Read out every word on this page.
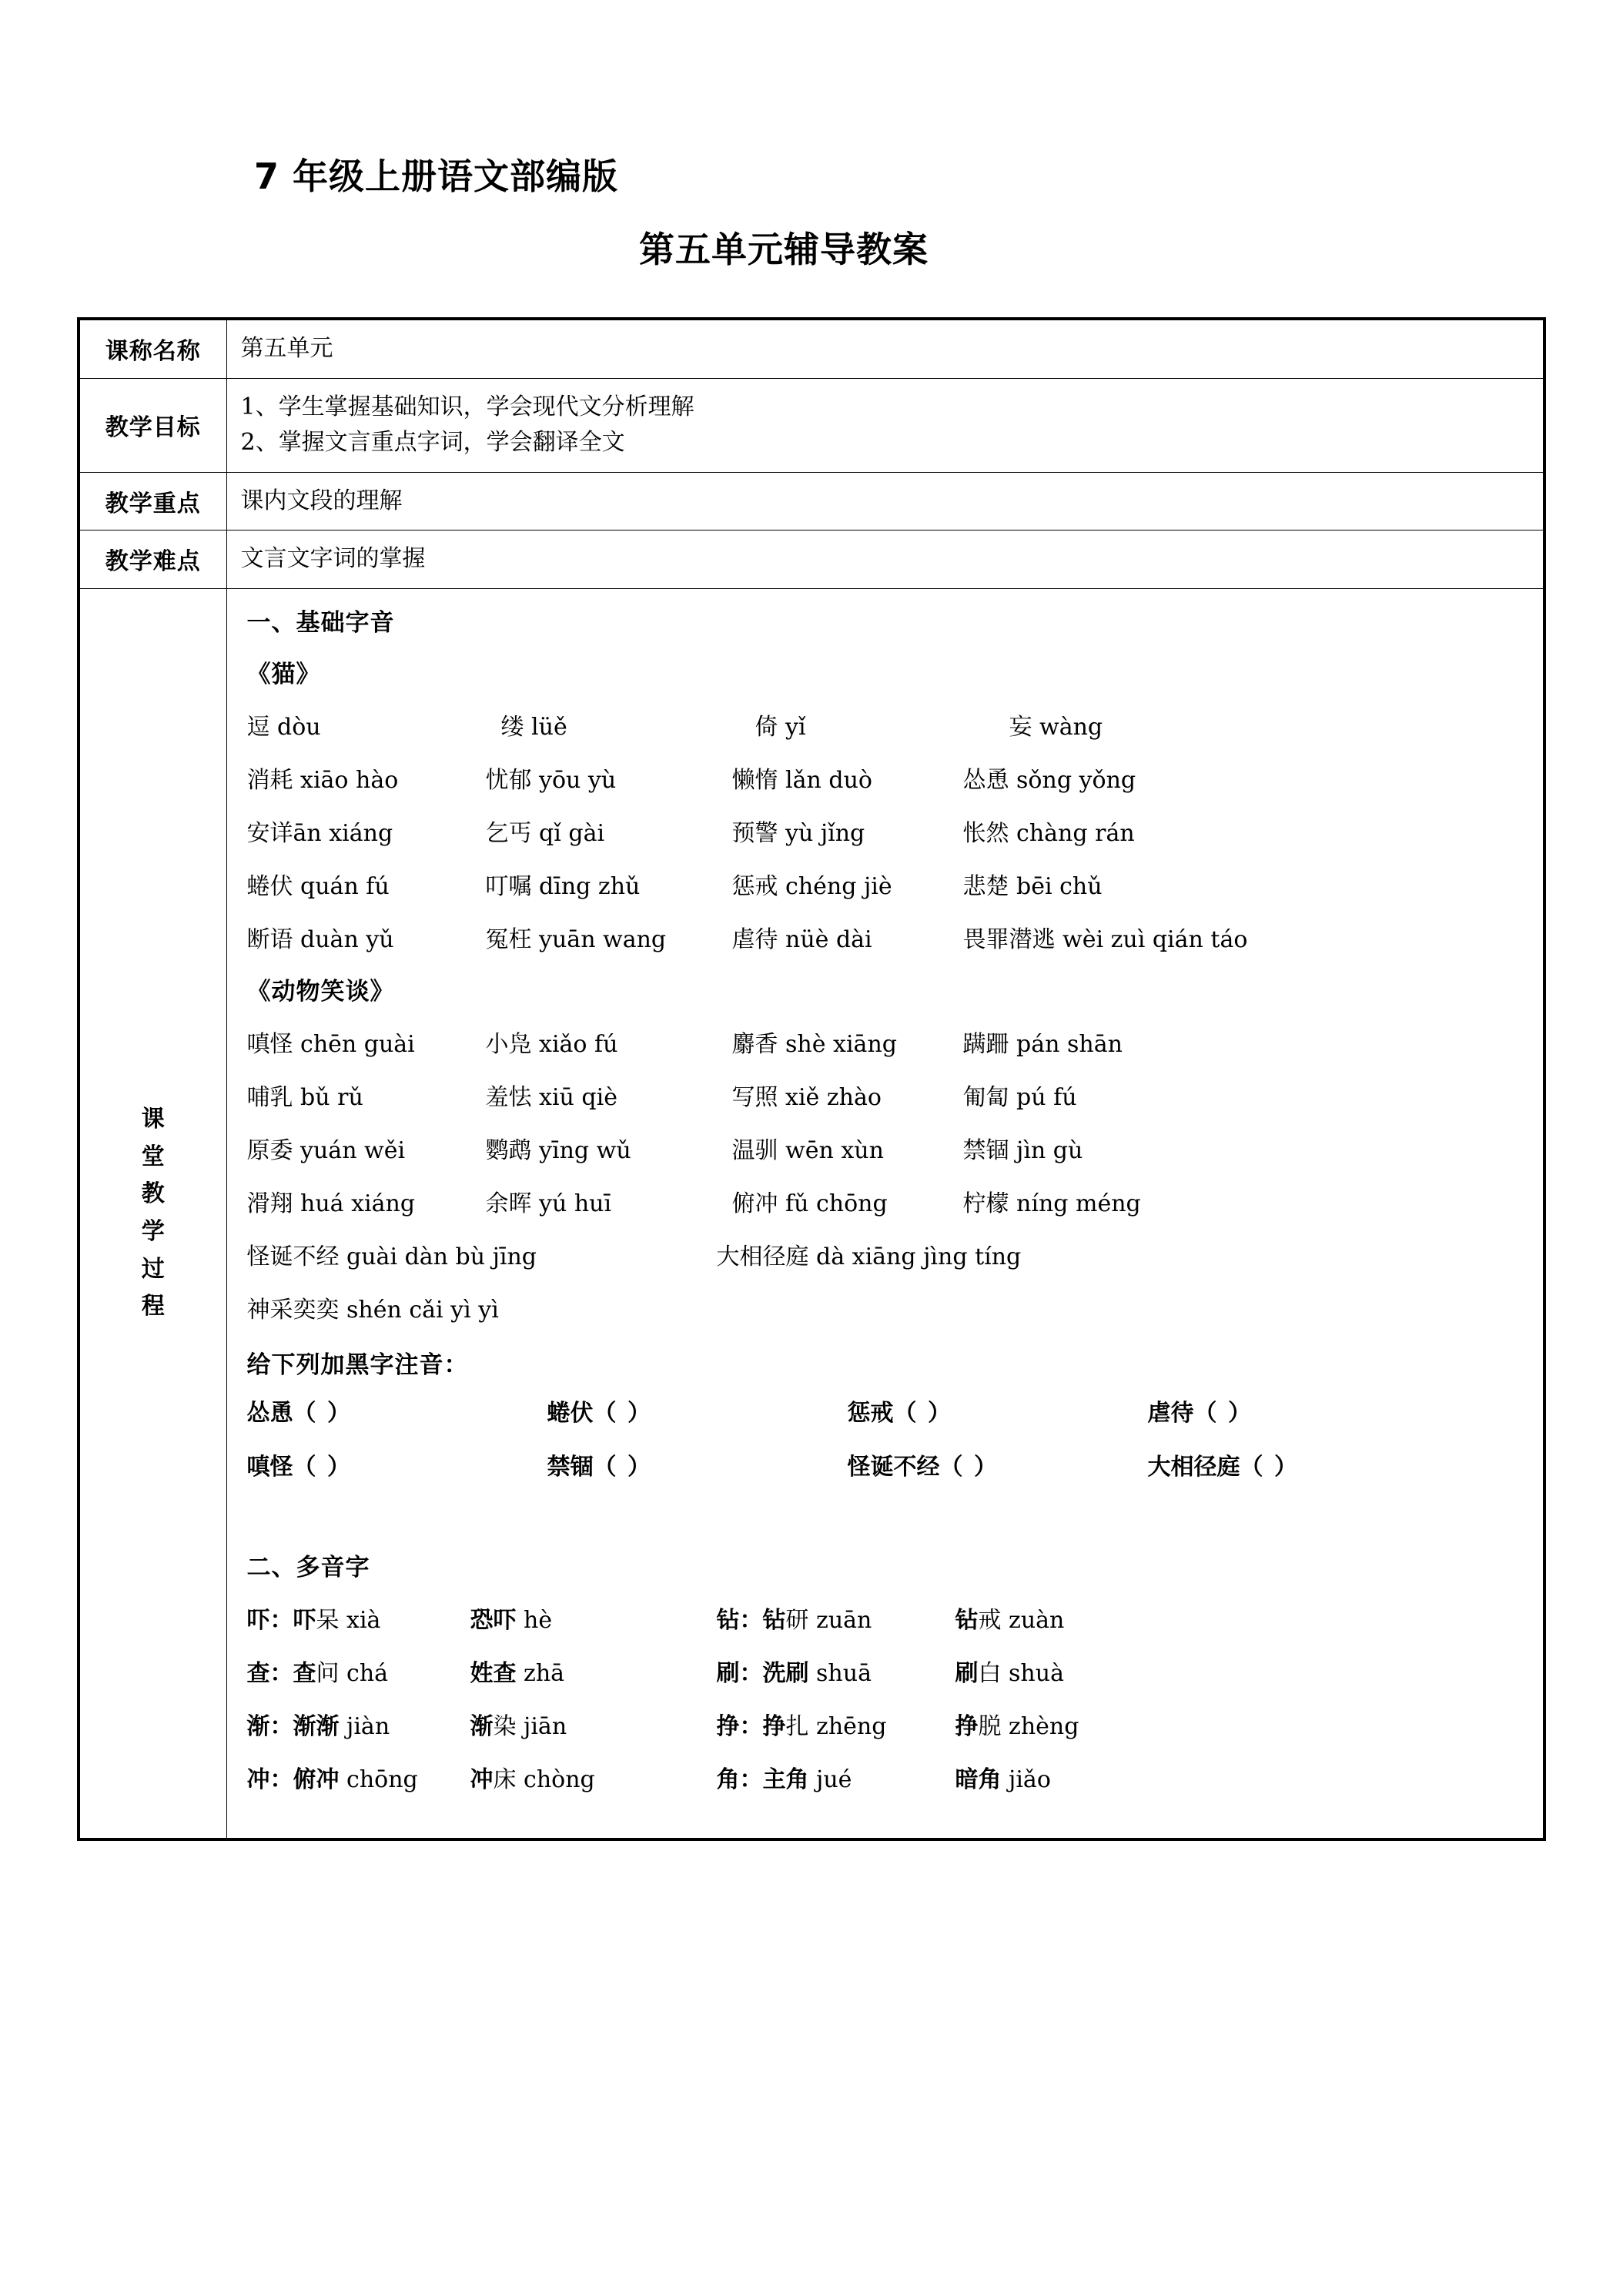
7 年级上册语文部编版
第五单元辅导教案
课称名称	第五单元
教学目标	1、学生掌握基础知识，学会现代文分析理解

2、掌握文言重点字词，学会翻译全文

教学重点	课内文段的理解
教学难点	文言文字词的掌握

课
堂
教
学
过
程

一、基础字音
《猫》
逗 dòu	缕 lüě	倚 yǐ	妄 wàng
消耗 xiāo hào	忧郁 yōu yù	懒惰 lǎn duò	怂恿 sǒng yǒng
安详ān xiáng	乞丐 qǐ gài	预警 yù jǐng	怅然 chàng rán
蜷伏 quán fú	叮嘱 dīng zhǔ	惩戒 chéng jiè	悲楚 bēi chǔ
断语 duàn yǔ	冤枉 yuān wang	虐待 nüè dài	畏罪潜逃 wèi zuì qián táo
《动物笑谈》
嗔怪 chēn guài	小凫 xiǎo fú	麝香 shè xiāng	蹒跚 pán shān
哺乳 bǔ rǔ	羞怯 xiū qiè	写照 xiě zhào	匍匐 pú fú
原委 yuán wěi	鹦鹉 yīng wǔ	温驯 wēn xùn	禁锢 jìn gù
滑翔 huá xiáng	余晖 yú huī	俯冲 fǔ chōng	柠檬 níng méng
怪诞不经 guài dàn bù jīng	大相径庭 dà xiāng jìng tíng
神采奕奕 shén cǎi yì yì
给下列加黑字注音：
怂恿（ ）	蜷伏（ ）	惩戒（ ）	虐待（ ）
嗔怪（ ）	禁锢（ ）	怪诞不经（ ）	大相径庭（ ）
二、多音字
吓：吓呆 xià	恐吓 hè	钻：钻研 zuān	钻戒 zuàn
查：查问 chá	姓查 zhā	刷：洗刷 shuā	刷白 shuà
渐：渐渐 jiàn	渐染 jiān	挣：挣扎 zhēng	挣脱 zhèng
冲：俯冲 chōng 冲床 chòng	角：主角 jué	暗角 jiǎo
